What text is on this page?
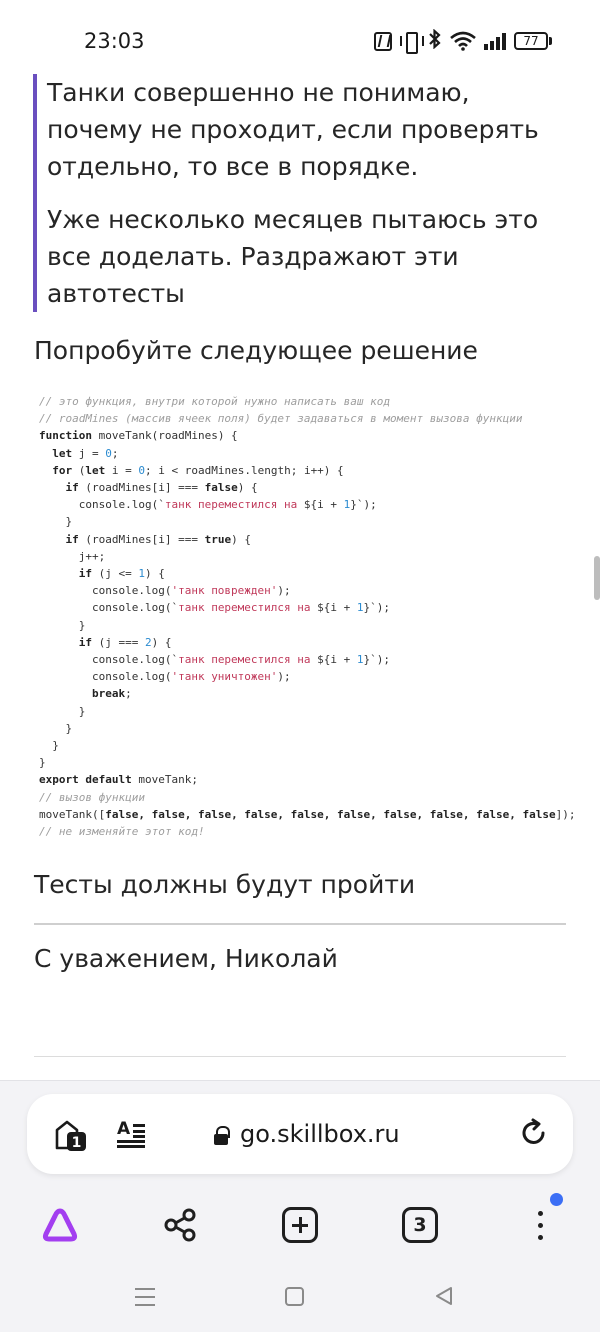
23:03	77

Танки совершенно не понимаю, почему не проходит, если проверять отдельно, то все в порядке.

Уже несколько месяцев пытаюсь это все доделать. Раздражают эти автотесты

Попробуйте следующее решение
// это функция, внутри которой нужно написать ваш код
// roadMines (массив ячеек поля) будет задаваться в момент вызова функции
function moveTank(roadMines) {
let j = 0;
for (let i = 0; i < roadMines.length; i++) {
if (roadMines[i] === false) {
console.log(`танк переместился на ${i + 1}`);
}
if (roadMines[i] === true) {
j++;
if (j <= 1) {
console.log('танк поврежден');
console.log(`танк переместился на ${i + 1}`);
}
if (j === 2) {
console.log(`танк переместился на ${i + 1}`);
console.log('танк уничтожен');
break;
}
}
}
}
export default moveTank;
// вызов функции
moveTank([false, false, false, false, false, false, false, false, false, false]);
// не изменяйте этот код!
Тесты должны будут пройти
С уважением, Николай
1
A	go.skillbox.ru
3
